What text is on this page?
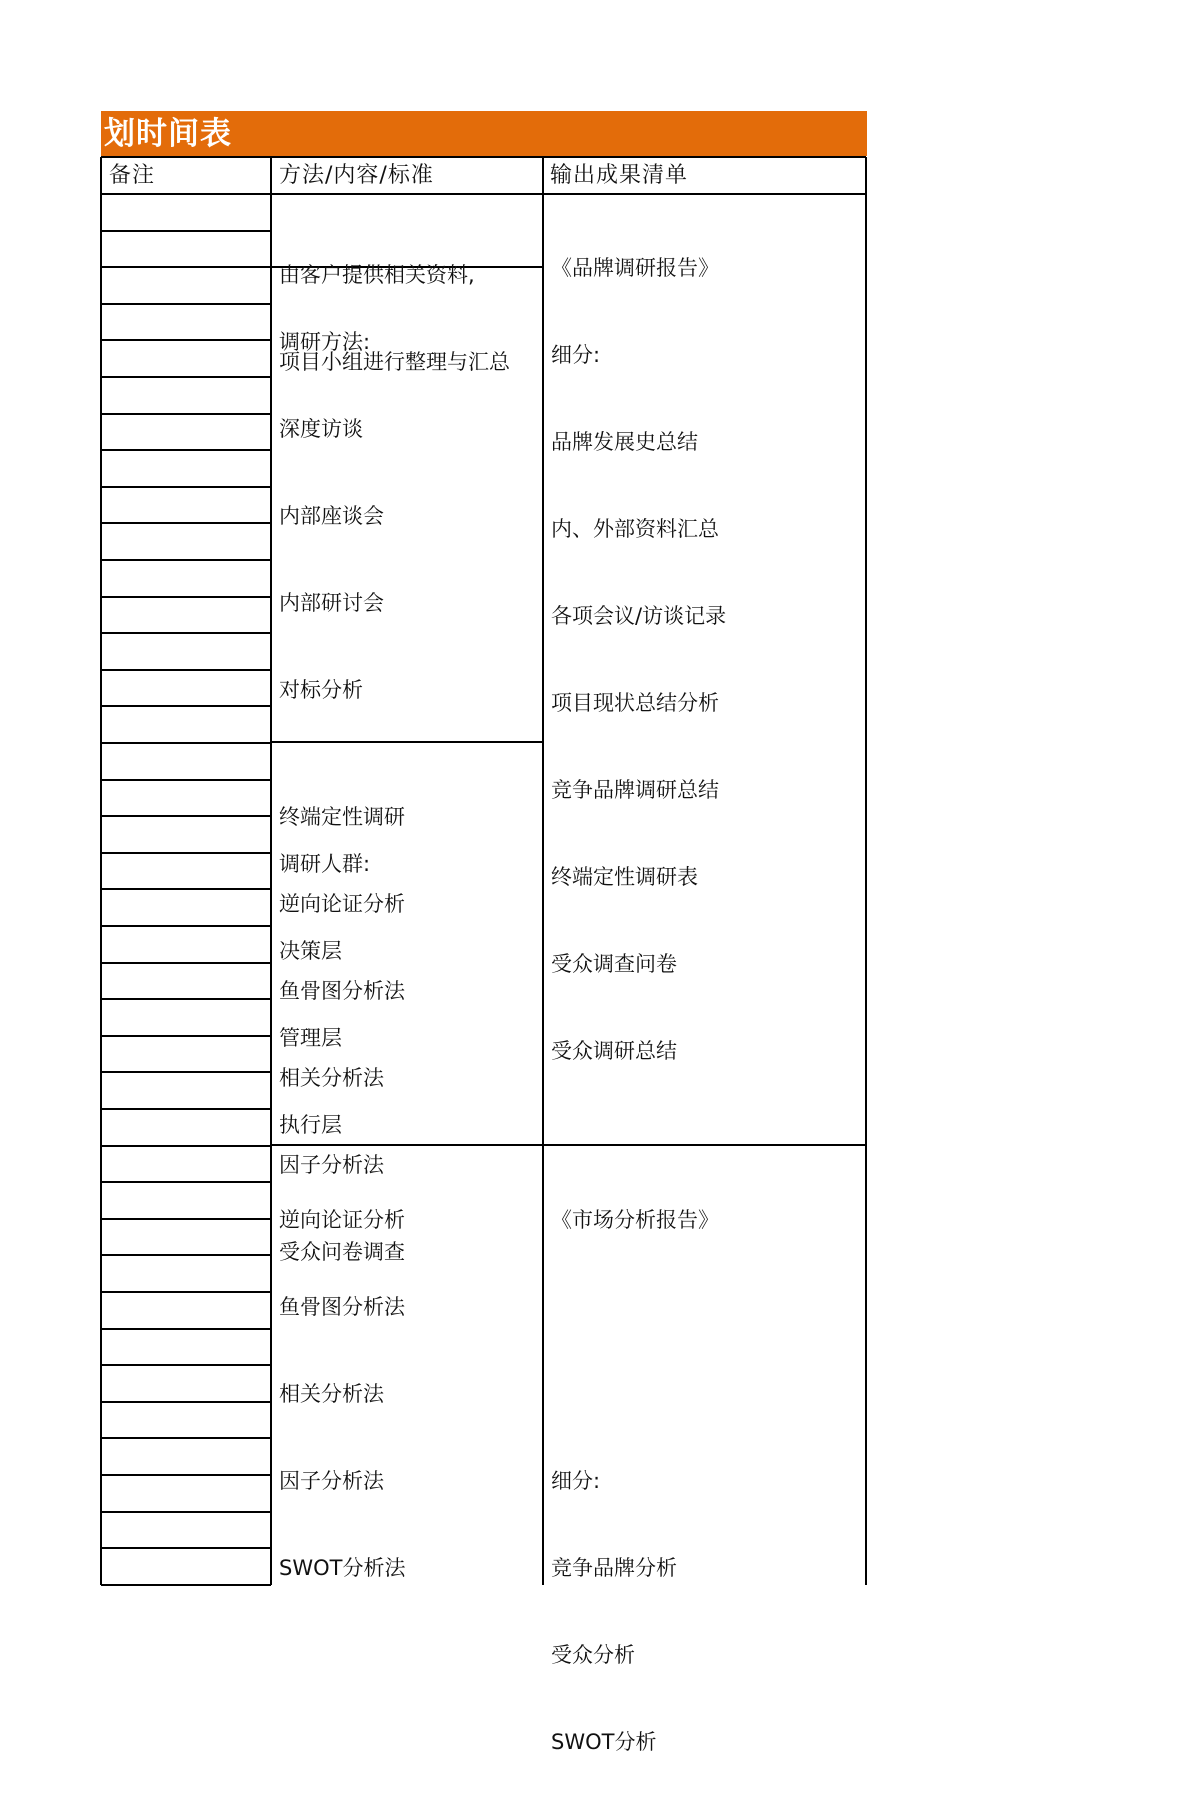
划时间表
备注	方法/内容/标准	输出成果清单

由客户提供相关资料,

项目小组进行整理与汇总

《品牌调研报告》

调研方法:

深度访谈

内部座谈会

内部研讨会

对标分析

调研人群:

决策层

管理层

执行层

细分:

品牌发展史总结

内、外部资料汇总

各项会议/访谈记录

项目现状总结分析

竞争品牌调研总结

终端定性调研表

受众调查问卷

受众调研总结

终端定性调研

逆向论证分析

鱼骨图分析法

相关分析法

因子分析法

受众问卷调查

逆向论证分析

鱼骨图分析法

相关分析法

因子分析法

SWOT分析法

《市场分析报告》

细分:

竞争品牌分析

受众分析

SWOT分析
